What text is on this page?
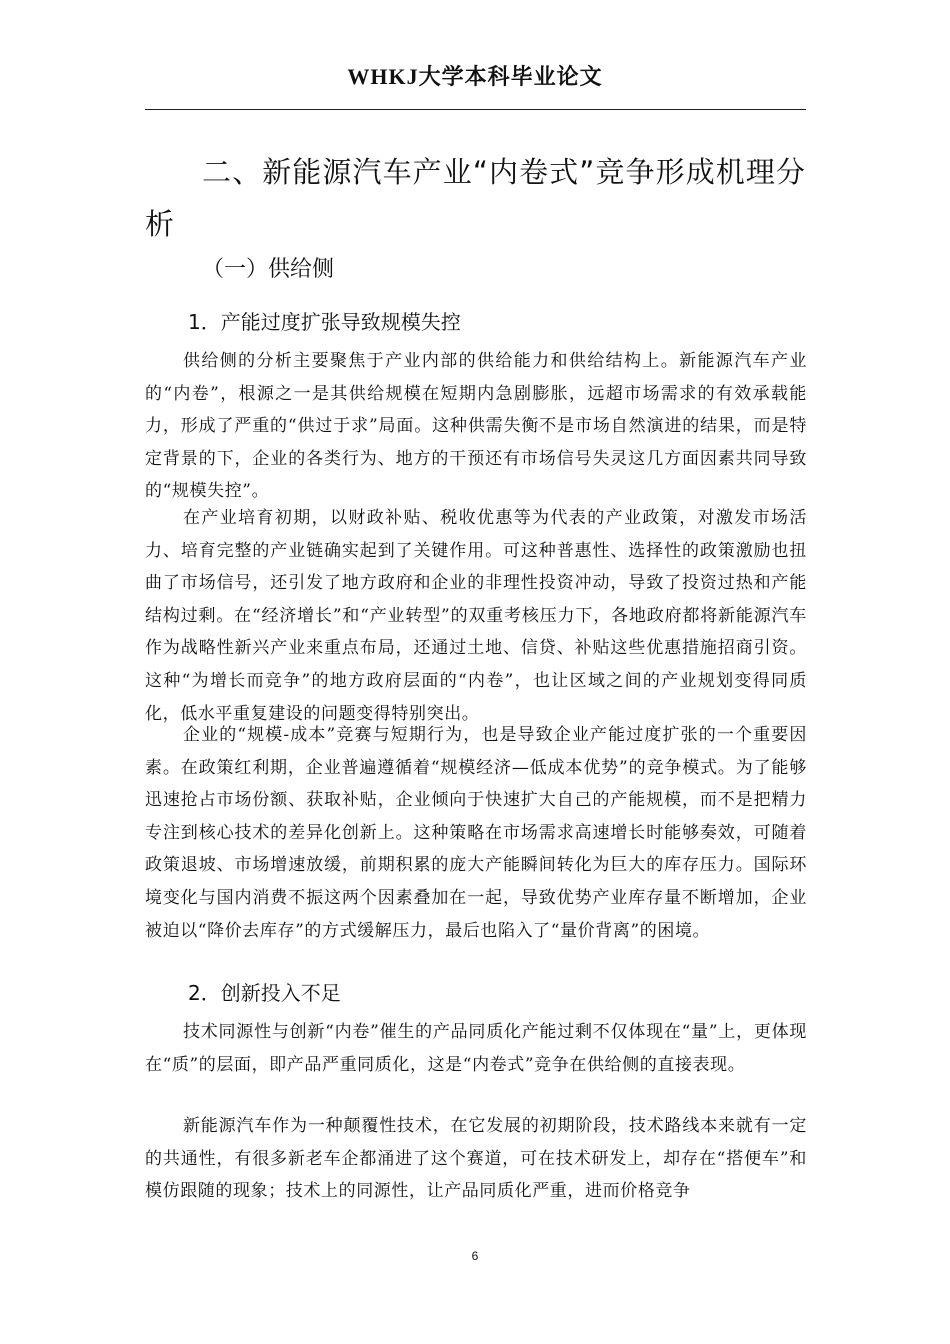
WHKJ大学本科毕业论文
二、新能源汽车产业“内卷式”竞争形成机理分析
（一）供给侧
1．产能过度扩张导致规模失控

供给侧的分析主要聚焦于产业内部的供给能力和供给结构上。新能源汽车产业的“内卷”，根源之一是其供给规模在短期内急剧膨胀，远超市场需求的有效承载能力，形成了严重的“供过于求”局面。这种供需失衡不是市场自然演进的结果，而是特定背景的下，企业的各类行为、地方的干预还有市场信号失灵这几方面因素共同导致的“规模失控”。

在产业培育初期，以财政补贴、税收优惠等为代表的产业政策，对激发市场活力、培育完整的产业链确实起到了关键作用。可这种普惠性、选择性的政策激励也扭曲了市场信号，还引发了地方政府和企业的非理性投资冲动，导致了投资过热和产能结构过剩。在“经济增长”和“产业转型”的双重考核压力下，各地政府都将新能源汽车作为战略性新兴产业来重点布局，还通过土地、信贷、补贴这些优惠措施招商引资。这种“为增长而竞争”的地方政府层面的“内卷”，也让区域之间的产业规划变得同质化，低水平重复建设的问题变得特别突出。

企业的“规模-成本”竞赛与短期行为，也是导致企业产能过度扩张的一个重要因素。在政策红利期，企业普遍遵循着“规模经济—低成本优势”的竞争模式。为了能够迅速抢占市场份额、获取补贴，企业倾向于快速扩大自己的产能规模，而不是把精力专注到核心技术的差异化创新上。这种策略在市场需求高速增长时能够奏效，可随着政策退坡、市场增速放缓，前期积累的庞大产能瞬间转化为巨大的库存压力。国际环境变化与国内消费不振这两个因素叠加在一起，导致优势产业库存量不断增加，企业被迫以“降价去库存”的方式缓解压力，最后也陷入了“量价背离”的困境。

2．创新投入不足

技术同源性与创新“内卷”催生的产品同质化产能过剩不仅体现在“量”上，更体现在“质”的层面，即产品严重同质化，这是“内卷式”竞争在供给侧的直接表现。

新能源汽车作为一种颠覆性技术，在它发展的初期阶段，技术路线本来就有一定的共通性，有很多新老车企都涌进了这个赛道，可在技术研发上，却存在“搭便车”和模仿跟随的现象；技术上的同源性，让产品同质化严重，进而价格竞争

6
